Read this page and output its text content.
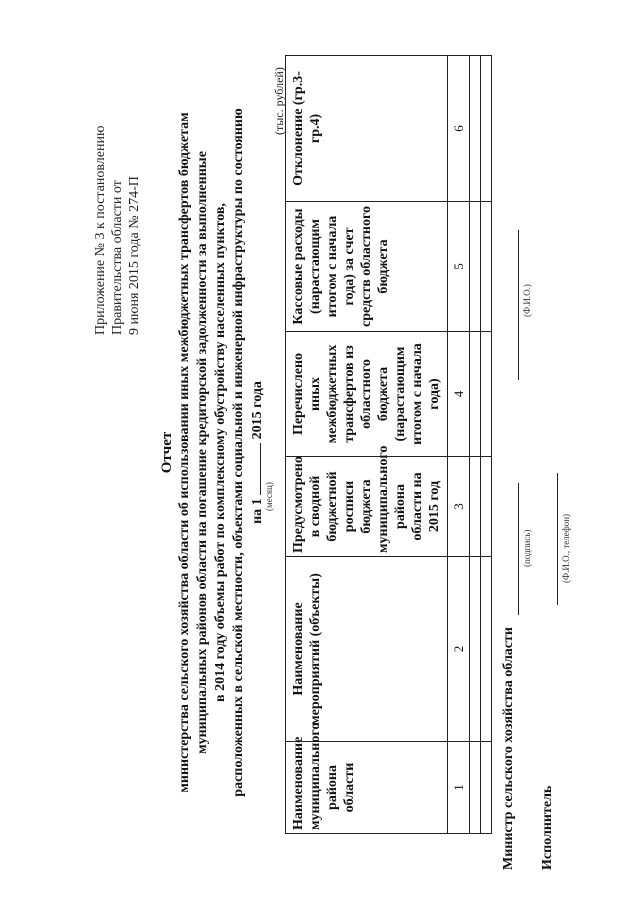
Приложение № 3 к постановлению Правительства области от 9 июня 2015 года № 274-П
Отчет министерства сельского хозяйства области об использовании иных межбюджетных трансфертов бюджетам муниципальных районов области на погашение кредиторской задолженности за выполненные в 2014 году объемы работ по комплексному обустройству населенных пунктов, расположенных в сельской местности, объектами социальной и инженерной инфраструктуры по состоянию на 1  2015 года
(месяц)
(тыс. рублей)
Наименование муниципального района области	Наименование мероприятий (объекты)	Предусмотрено в сводной бюджетной росписи бюджета муниципального района области на 2015 год	Перечислено иных межбюджетных трансфертов из областного бюджета (нарастающим итогом с начала года)	Кассовые расходы (нарастающим итогом с начала года) за счет средств областного бюджета	Отклонение (гр.3-гр.4)
1	2	3	4	5	6

Министр сельского хозяйства области
(подпись)
(Ф.И.О.)
Исполнитель
(Ф.И.О., телефон)
